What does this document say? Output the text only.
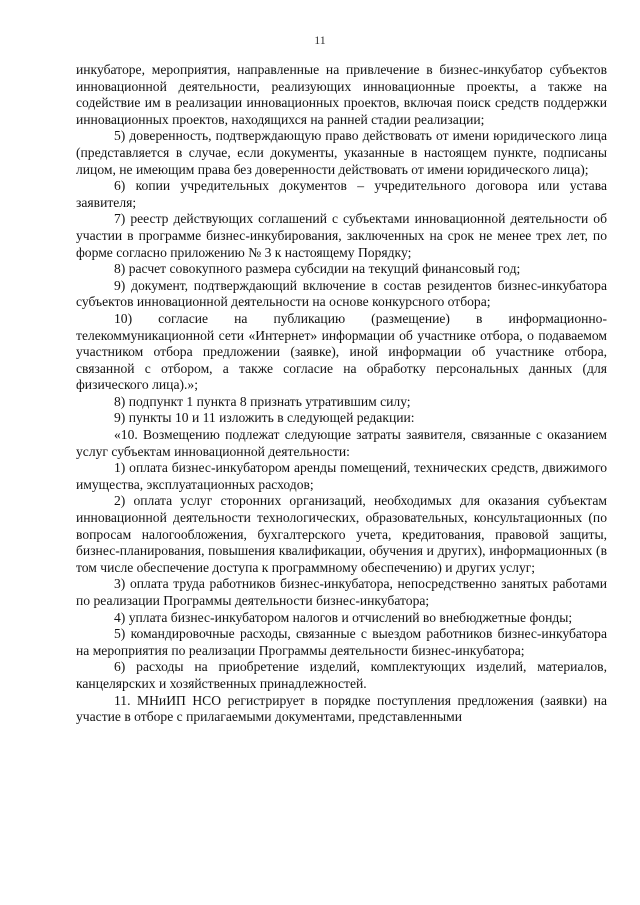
11

инкубаторе, мероприятия, направленные на привлечение в бизнес-инкубатор субъектов инновационной деятельности, реализующих инновационные проекты, а также на содействие им в реализации инновационных проектов, включая поиск средств поддержки инновационных проектов, находящихся на ранней стадии реализации;

5) доверенность, подтверждающую право действовать от имени юридического лица (представляется в случае, если документы, указанные в настоящем пункте, подписаны лицом, не имеющим права без доверенности действовать от имени юридического лица);

6) копии учредительных документов – учредительного договора или устава заявителя;

7) реестр действующих соглашений с субъектами инновационной деятельности об участии в программе бизнес-инкубирования, заключенных на срок не менее трех лет, по форме согласно приложению № 3 к настоящему Порядку;

8) расчет совокупного размера субсидии на текущий финансовый год;

9) документ, подтверждающий включение в состав резидентов бизнес-инкубатора субъектов инновационной деятельности на основе конкурсного отбора;

10) согласие на публикацию (размещение) в информационно-телекоммуникационной сети «Интернет» информации об участнике отбора, о подаваемом участником отбора предложении (заявке), иной информации об участнике отбора, связанной с отбором, а также согласие на обработку персональных данных (для физического лица).»;

8) подпункт 1 пункта 8 признать утратившим силу;

9) пункты 10 и 11 изложить в следующей редакции:

«10. Возмещению подлежат следующие затраты заявителя, связанные с оказанием услуг субъектам инновационной деятельности:

1) оплата бизнес-инкубатором аренды помещений, технических средств, движимого имущества, эксплуатационных расходов;

2) оплата услуг сторонних организаций, необходимых для оказания субъектам инновационной деятельности технологических, образовательных, консультационных (по вопросам налогообложения, бухгалтерского учета, кредитования, правовой защиты, бизнес-планирования, повышения квалификации, обучения и других), информационных (в том числе обеспечение доступа к программному обеспечению) и других услуг;

3) оплата труда работников бизнес-инкубатора, непосредственно занятых работами по реализации Программы деятельности бизнес-инкубатора;

4) уплата бизнес-инкубатором налогов и отчислений во внебюджетные фонды;

5) командировочные расходы, связанные с выездом работников бизнес-инкубатора на мероприятия по реализации Программы деятельности бизнес-инкубатора;

6) расходы на приобретение изделий, комплектующих изделий, материалов, канцелярских и хозяйственных принадлежностей.

11. МНиИП НСО регистрирует в порядке поступления предложения (заявки) на участие в отборе с прилагаемыми документами, представленными
